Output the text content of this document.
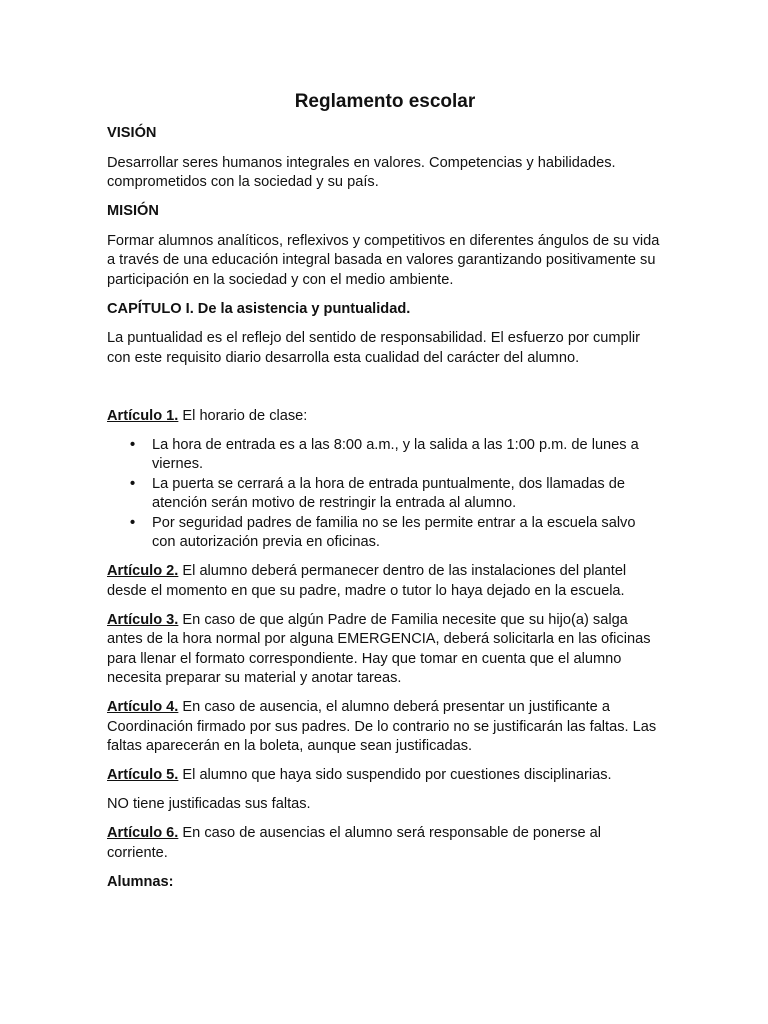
Reglamento escolar
VISIÓN

Desarrollar seres humanos integrales en valores. Competencias y habilidades. comprometidos con la sociedad y su país.

MISIÓN

Formar alumnos analíticos, reflexivos y competitivos en diferentes ángulos de su vida a través de una educación integral basada en valores garantizando positivamente su participación en la sociedad y con el medio ambiente.

CAPÍTULO I. De la asistencia y puntualidad.

La puntualidad es el reflejo del sentido de responsabilidad. El esfuerzo por cumplir con este requisito diario desarrolla esta cualidad del carácter del alumno.

Artículo 1. El horario de clase:

• La hora de entrada es a las 8:00 a.m., y la salida a las 1:00 p.m. de lunes a viernes.
• La puerta se cerrará a la hora de entrada puntualmente, dos llamadas de atención serán motivo de restringir la entrada al alumno.
• Por seguridad padres de familia no se les permite entrar a la escuela salvo con autorización previa en oficinas.

Artículo 2. El alumno deberá permanecer dentro de las instalaciones del plantel desde el momento en que su padre, madre o tutor lo haya dejado en la escuela.

Artículo 3. En caso de que algún Padre de Familia necesite que su hijo(a) salga antes de la hora normal por alguna EMERGENCIA, deberá solicitarla en las oficinas para llenar el formato correspondiente. Hay que tomar en cuenta que el alumno necesita preparar su material y anotar tareas.

Artículo 4. En caso de ausencia, el alumno deberá presentar un justificante a Coordinación firmado por sus padres. De lo contrario no se justificarán las faltas. Las faltas aparecerán en la boleta, aunque sean justificadas.

Artículo 5. El alumno que haya sido suspendido por cuestiones disciplinarias.

NO tiene justificadas sus faltas.

Artículo 6. En caso de ausencias el alumno será responsable de ponerse al corriente.

Alumnas:
